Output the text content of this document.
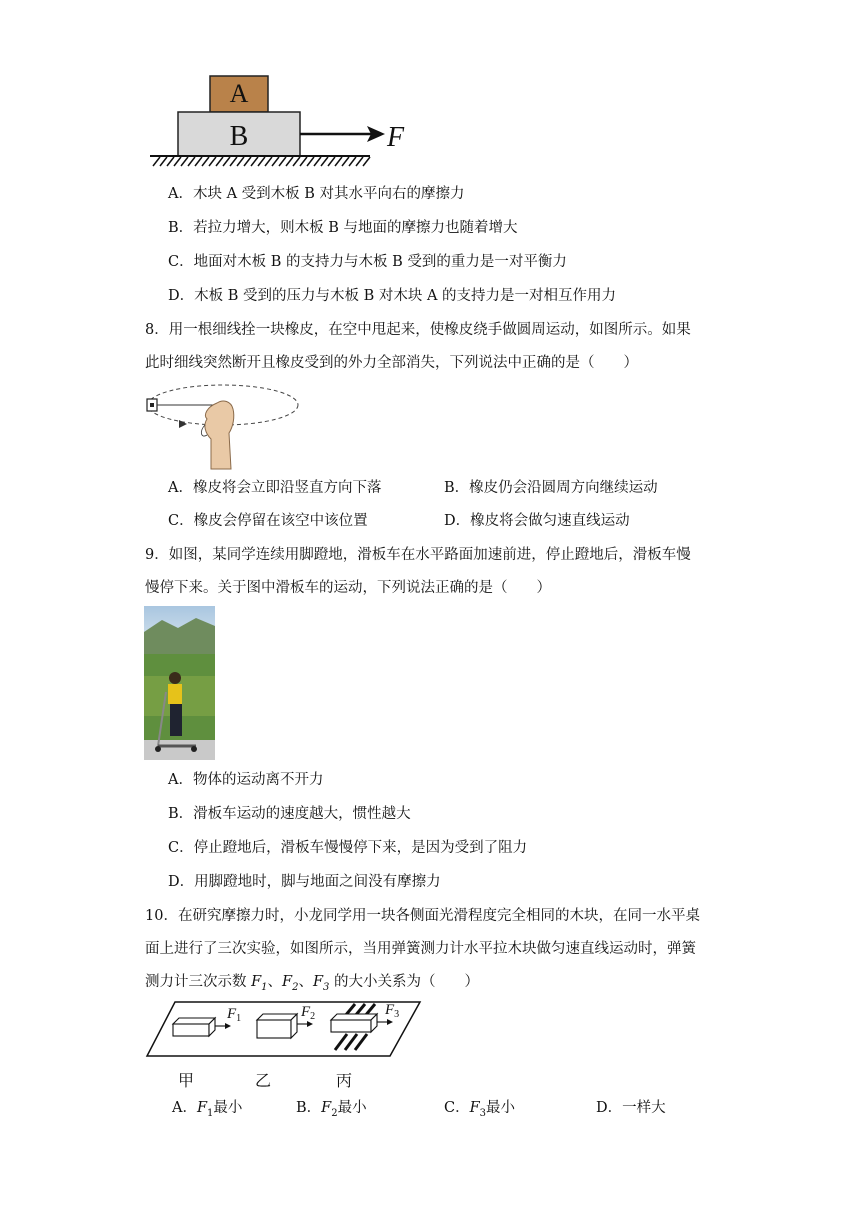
A
B	F
A．木块 A 受到木板 B 对其水平向右的摩擦力
B．若拉力增大，则木板 B 与地面的摩擦力也随着增大
C．地面对木板 B 的支持力与木板 B 受到的重力是一对平衡力
D．木板 B 受到的压力与木板 B 对木块 A 的支持力是一对相互作用力
8．用一根细线拴一块橡皮，在空中甩起来，使橡皮绕手做圆周运动，如图所示。如果
此时细线突然断开且橡皮受到的外力全部消失，下列说法中正确的是（　　）
A．橡皮将会立即沿竖直方向下落	B．橡皮仍会沿圆周方向继续运动
C．橡皮会停留在该空中该位置	D．橡皮将会做匀速直线运动
9．如图，某同学连续用脚蹬地，滑板车在水平路面加速前进，停止蹬地后，滑板车慢
慢停下来。关于图中滑板车的运动，下列说法正确的是（　　）
A．物体的运动离不开力
B．滑板车运动的速度越大，惯性越大
C．停止蹬地后，滑板车慢慢停下来，是因为受到了阻力
D．用脚蹬地时，脚与地面之间没有摩擦力
10．在研究摩擦力时，小龙同学用一块各侧面光滑程度完全相同的木块，在同一水平桌
面上进行了三次实验，如图所示，当用弹簧测力计水平拉木块做匀速直线运动时，弹簧
测力计三次示数 $F_1$、$F_2$、$F_3$ 的大小关系为（　　）
$F_1$	$F_2$	$F_3$
甲	乙	丙
A．$F_1$最小	B．$F_2$最小	C．$F_3$最小	D．一样大
